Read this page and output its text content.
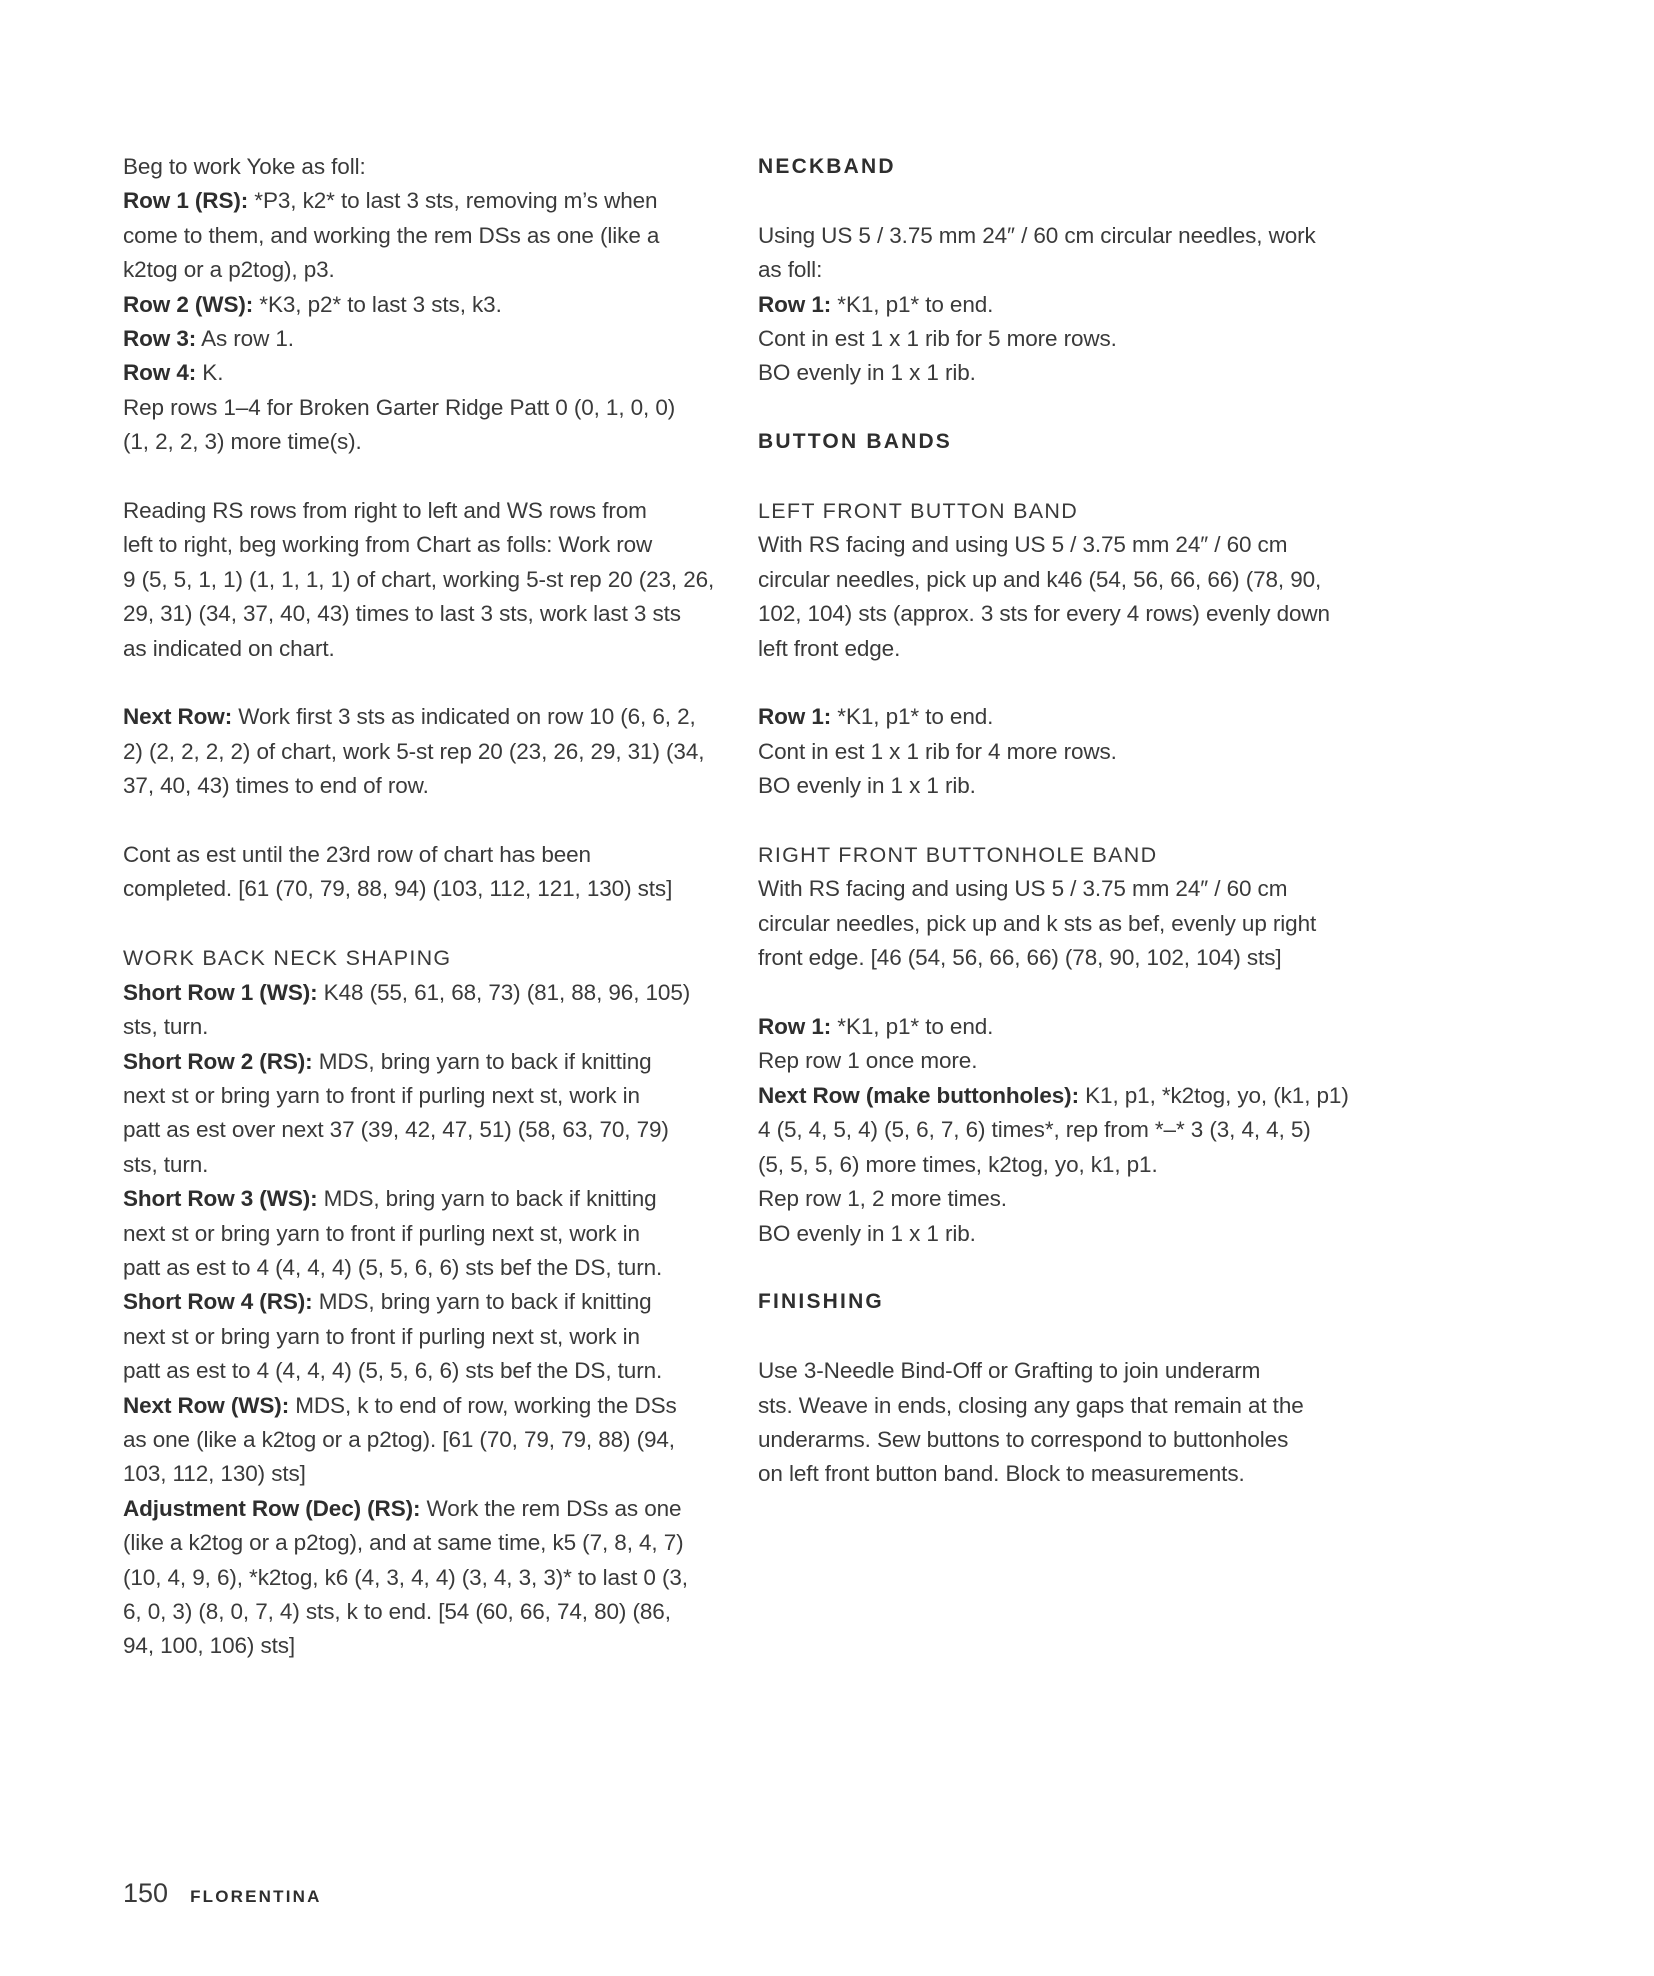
Beg to work Yoke as foll:
Row 1 (RS): *P3, k2* to last 3 sts, removing m’s when
come to them, and working the rem DSs as one (like a
k2tog or a p2tog), p3.
Row 2 (WS): *K3, p2* to last 3 sts, k3.
Row 3: As row 1.
Row 4: K.
Rep rows 1–4 for Broken Garter Ridge Patt 0 (0, 1, 0, 0)
(1, 2, 2, 3) more time(s).
Reading RS rows from right to left and WS rows from
left to right, beg working from Chart as folls: Work row
9 (5, 5, 1, 1) (1, 1, 1, 1) of chart, working 5-st rep 20 (23, 26,
29, 31) (34, 37, 40, 43) times to last 3 sts, work last 3 sts
as indicated on chart.
Next Row: Work first 3 sts as indicated on row 10 (6, 6, 2,
2) (2, 2, 2, 2) of chart, work 5-st rep 20 (23, 26, 29, 31) (34,
37, 40, 43) times to end of row.
Cont as est until the 23rd row of chart has been
completed. [61 (70, 79, 88, 94) (103, 112, 121, 130) sts]
WORK BACK NECK SHAPING
Short Row 1 (WS): K48 (55, 61, 68, 73) (81, 88, 96, 105)
sts, turn.
Short Row 2 (RS): MDS, bring yarn to back if knitting
next st or bring yarn to front if purling next st, work in
patt as est over next 37 (39, 42, 47, 51) (58, 63, 70, 79)
sts, turn.
Short Row 3 (WS): MDS, bring yarn to back if knitting
next st or bring yarn to front if purling next st, work in
patt as est to 4 (4, 4, 4) (5, 5, 6, 6) sts bef the DS, turn.
Short Row 4 (RS): MDS, bring yarn to back if knitting
next st or bring yarn to front if purling next st, work in
patt as est to 4 (4, 4, 4) (5, 5, 6, 6) sts bef the DS, turn.
Next Row (WS): MDS, k to end of row, working the DSs
as one (like a k2tog or a p2tog). [61 (70, 79, 79, 88) (94,
103, 112, 130) sts]
Adjustment Row (Dec) (RS): Work the rem DSs as one
(like a k2tog or a p2tog), and at same time, k5 (7, 8, 4, 7)
(10, 4, 9, 6), *k2tog, k6 (4, 3, 4, 4) (3, 4, 3, 3)* to last 0 (3,
6, 0, 3) (8, 0, 7, 4) sts, k to end. [54 (60, 66, 74, 80) (86,
94, 100, 106) sts]
NECKBAND
Using US 5 / 3.75 mm 24″ / 60 cm circular needles, work
as foll:
Row 1: *K1, p1* to end.
Cont in est 1 x 1 rib for 5 more rows.
BO evenly in 1 x 1 rib.
BUTTON BANDS
LEFT FRONT BUTTON BAND
With RS facing and using US 5 / 3.75 mm 24″ / 60 cm
circular needles, pick up and k46 (54, 56, 66, 66) (78, 90,
102, 104) sts (approx. 3 sts for every 4 rows) evenly down
left front edge.
Row 1: *K1, p1* to end.
Cont in est 1 x 1 rib for 4 more rows.
BO evenly in 1 x 1 rib.
RIGHT FRONT BUTTONHOLE BAND
With RS facing and using US 5 / 3.75 mm 24″ / 60 cm
circular needles, pick up and k sts as bef, evenly up right
front edge. [46 (54, 56, 66, 66) (78, 90, 102, 104) sts]
Row 1: *K1, p1* to end.
Rep row 1 once more.
Next Row (make buttonholes): K1, p1, *k2tog, yo, (k1, p1)
4 (5, 4, 5, 4) (5, 6, 7, 6) times*, rep from *–* 3 (3, 4, 4, 5)
(5, 5, 5, 6) more times, k2tog, yo, k1, p1.
Rep row 1, 2 more times.
BO evenly in 1 x 1 rib.
FINISHING
Use 3-Needle Bind-Off or Grafting to join underarm
sts. Weave in ends, closing any gaps that remain at the
underarms. Sew buttons to correspond to buttonholes
on left front button band. Block to measurements.
150 FLORENTINA
